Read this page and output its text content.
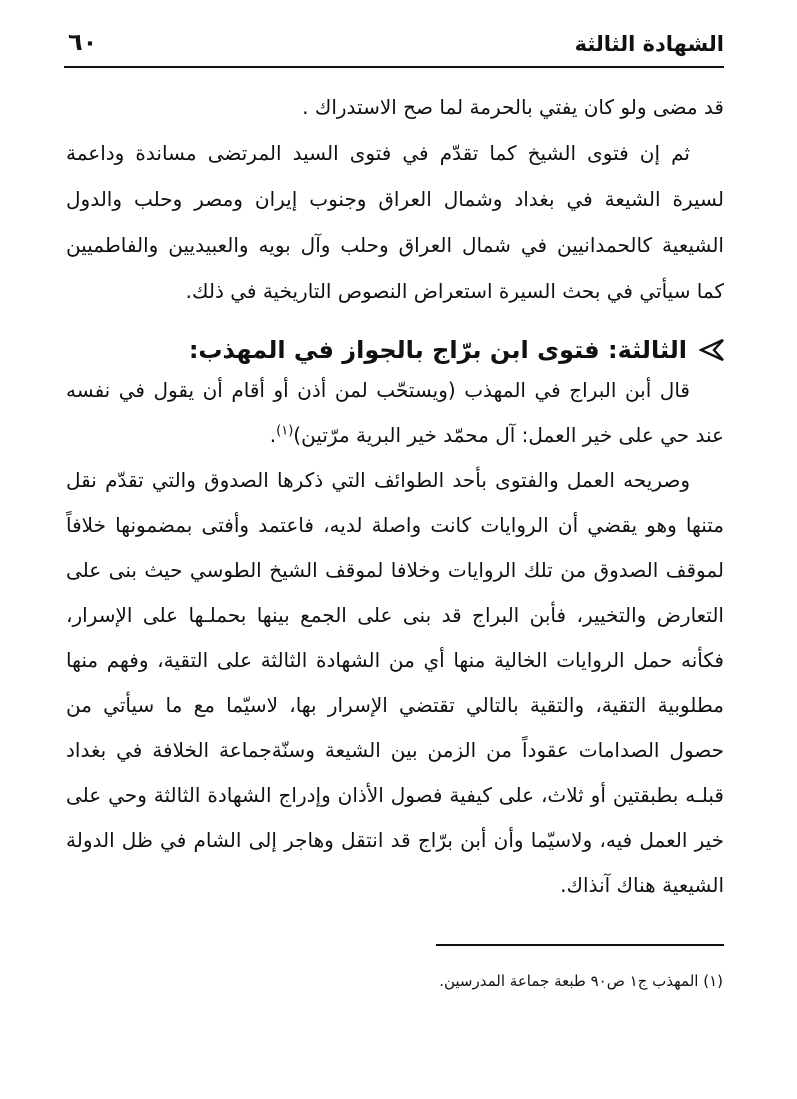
الشهادة الثالثة
٦٠

قد مضى ولو كان يفتي بالحرمة لما صح الاستدراك .

ثم إن فتوى الشيخ كما تقدّم في فتوى السيد المرتضى مساندة وداعمة لسيرة الشيعة في بغداد وشمال العراق وجنوب إيران ومصر وحلب والدول الشيعية كالحمدانيين في شمال العراق وحلب وآل بويه والعبيديين والفاطميين كما سيأتي في بحث السيرة استعراض النصوص التاريخية في ذلك.

الثالثة: فتوى ابن برّاج بالجواز في المهذب:

قال أبن البراج في المهذب (ويستحّب لمن أذن أو أقام أن يقول في نفسه عند حي على خير العمل: آل محمّد خير البرية مرّتين)$^{(١)}$.

وصريحه العمل والفتوى بأحد الطوائف التي ذكرها الصدوق والتي تقدّم نقل متنها وهو يقضي أن الروايات كانت واصلة لديه، فاعتمد وأفتى بمضمونها خلافاً لموقف الصدوق من تلك الروايات وخلافا لموقف الشيخ الطوسي حيث بنى على التعارض والتخيير، فأبن البراج قد بنى على الجمع بينها بحملـها على الإسرار، فكأنه حمل الروايات الخالية منها أي من الشهادة الثالثة على التقية، وفهم منها مطلوبية التقية، والتقية بالتالي تقتضي الإسرار بها، لاسيّما مع ما سيأتي من حصول الصدامات عقوداً من الزمن بين الشيعة وسنّةجماعة الخلافة في بغداد قبلـه بطبقتين أو ثلاث، على كيفية فصول الأذان وإدراج الشهادة الثالثة وحي على خير العمل فيه، ولاسيّما وأن أبن برّاج قد انتقل وهاجر إلى الشام في ظل الدولة الشيعية هناك آنذاك.

(١) المهذب ج١ ص٩٠ طبعة جماعة المدرسين.
